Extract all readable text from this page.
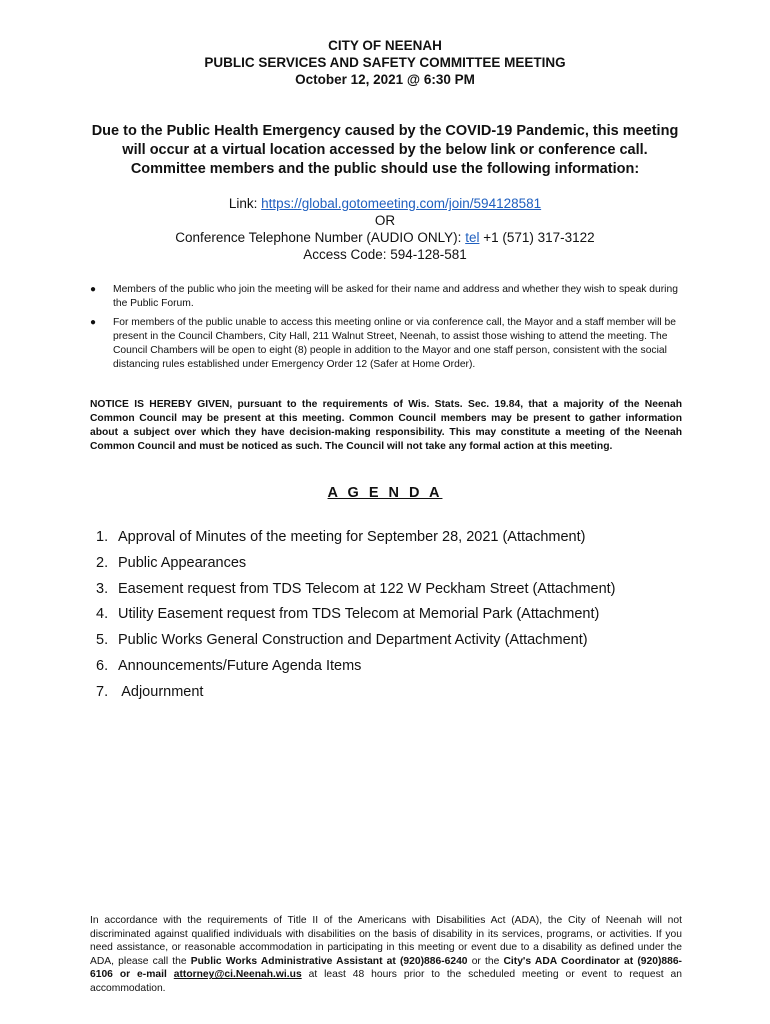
CITY OF NEENAH
PUBLIC SERVICES AND SAFETY COMMITTEE MEETING
October 12, 2021 @ 6:30 PM
Due to the Public Health Emergency caused by the COVID-19 Pandemic, this meeting will occur at a virtual location accessed by the below link or conference call. Committee members and the public should use the following information:
Link: https://global.gotomeeting.com/join/594128581
OR
Conference Telephone Number (AUDIO ONLY): tel +1 (571) 317-3122
Access Code: 594-128-581
● Members of the public who join the meeting will be asked for their name and address and whether they wish to speak during the Public Forum.
● For members of the public unable to access this meeting online or via conference call, the Mayor and a staff member will be present in the Council Chambers, City Hall, 211 Walnut Street, Neenah, to assist those wishing to attend the meeting. The Council Chambers will be open to eight (8) people in addition to the Mayor and one staff person, consistent with the social distancing rules established under Emergency Order 12 (Safer at Home Order).
NOTICE IS HEREBY GIVEN, pursuant to the requirements of Wis. Stats. Sec. 19.84, that a majority of the Neenah Common Council may be present at this meeting. Common Council members may be present to gather information about a subject over which they have decision-making responsibility. This may constitute a meeting of the Neenah Common Council and must be noticed as such. The Council will not take any formal action at this meeting.
A G E N D A
1. Approval of Minutes of the meeting for September 28, 2021 (Attachment)
2. Public Appearances
3. Easement request from TDS Telecom at 122 W Peckham Street (Attachment)
4. Utility Easement request from TDS Telecom at Memorial Park (Attachment)
5. Public Works General Construction and Department Activity (Attachment)
6. Announcements/Future Agenda Items
7. Adjournment
In accordance with the requirements of Title II of the Americans with Disabilities Act (ADA), the City of Neenah will not discriminated against qualified individuals with disabilities on the basis of disability in its services, programs, or activities. If you need assistance, or reasonable accommodation in participating in this meeting or event due to a disability as defined under the ADA, please call the Public Works Administrative Assistant at (920)886-6240 or the City's ADA Coordinator at (920)886-6106 or e-mail attorney@ci.Neenah.wi.us at least 48 hours prior to the scheduled meeting or event to request an accommodation.
